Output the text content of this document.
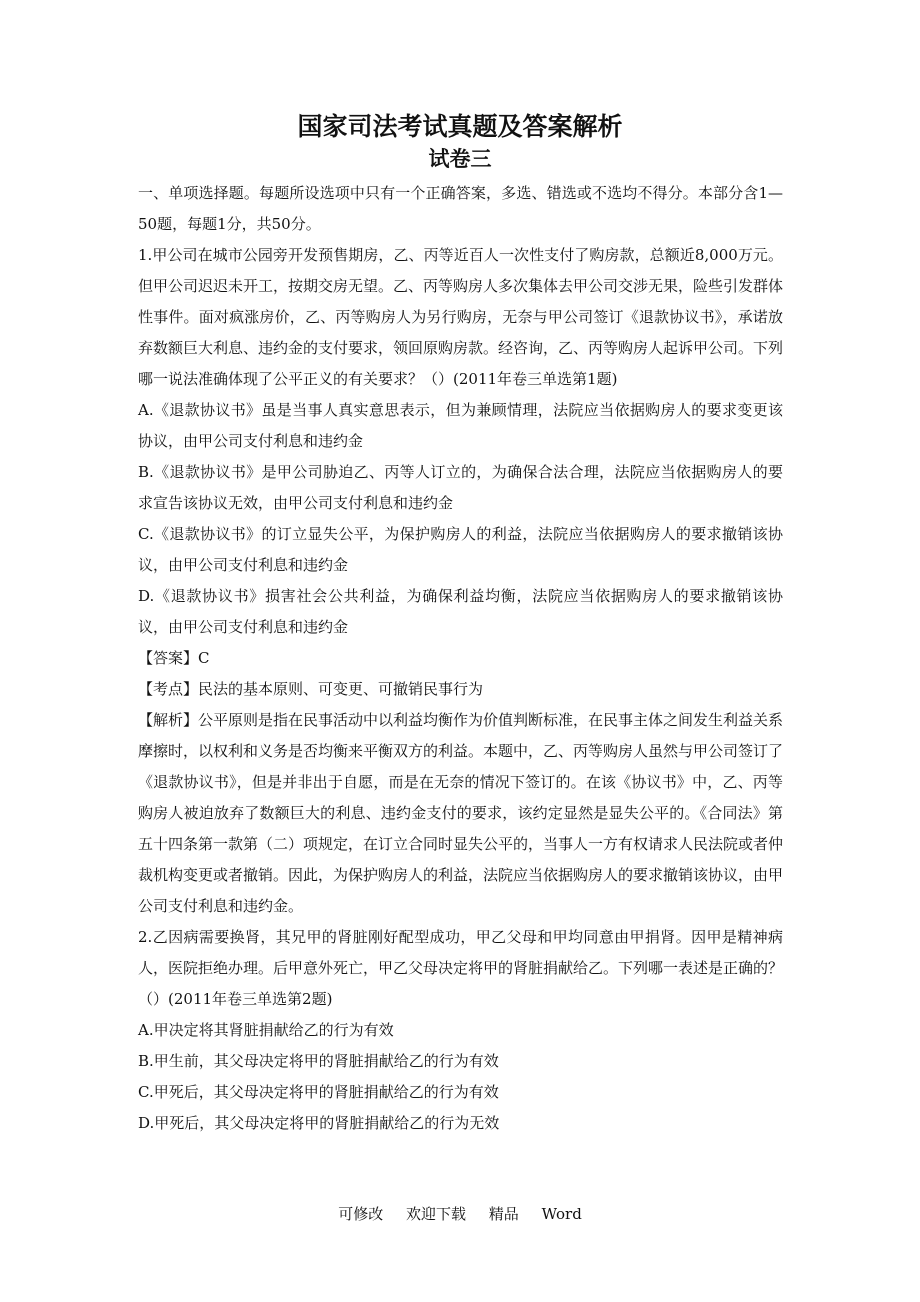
国家司法考试真题及答案解析
试卷三

一、单项选择题。每题所设选项中只有一个正确答案，多选、错选或不选均不得分。本部分含1—50题，每题1分，共50分。

1.甲公司在城市公园旁开发预售期房，乙、丙等近百人一次性支付了购房款，总额近8,000万元。但甲公司迟迟未开工，按期交房无望。乙、丙等购房人多次集体去甲公司交涉无果，险些引发群体性事件。面对疯涨房价，乙、丙等购房人为另行购房，无奈与甲公司签订《退款协议书》，承诺放弃数额巨大利息、违约金的支付要求，领回原购房款。经咨询，乙、丙等购房人起诉甲公司。下列哪一说法准确体现了公平正义的有关要求？（）(2011年卷三单选第1题)

A.《退款协议书》虽是当事人真实意思表示，但为兼顾情理，法院应当依据购房人的要求变更该协议，由甲公司支付利息和违约金

B.《退款协议书》是甲公司胁迫乙、丙等人订立的，为确保合法合理，法院应当依据购房人的要求宣告该协议无效，由甲公司支付利息和违约金

C.《退款协议书》的订立显失公平，为保护购房人的利益，法院应当依据购房人的要求撤销该协议，由甲公司支付利息和违约金

D.《退款协议书》损害社会公共利益，为确保利益均衡，法院应当依据购房人的要求撤销该协议，由甲公司支付利息和违约金

【答案】C

【考点】民法的基本原则、可变更、可撤销民事行为

【解析】公平原则是指在民事活动中以利益均衡作为价值判断标准，在民事主体之间发生利益关系摩擦时，以权利和义务是否均衡来平衡双方的利益。本题中，乙、丙等购房人虽然与甲公司签订了《退款协议书》，但是并非出于自愿，而是在无奈的情况下签订的。在该《协议书》中，乙、丙等购房人被迫放弃了数额巨大的利息、违约金支付的要求，该约定显然是显失公平的。《合同法》第五十四条第一款第（二）项规定，在订立合同时显失公平的，当事人一方有权请求人民法院或者仲裁机构变更或者撤销。因此，为保护购房人的利益，法院应当依据购房人的要求撤销该协议，由甲公司支付利息和违约金。

2.乙因病需要换肾，其兄甲的肾脏刚好配型成功，甲乙父母和甲均同意由甲捐肾。因甲是精神病人，医院拒绝办理。后甲意外死亡，甲乙父母决定将甲的肾脏捐献给乙。下列哪一表述是正确的？（）(2011年卷三单选第2题)

A.甲决定将其肾脏捐献给乙的行为有效

B.甲生前，其父母决定将甲的肾脏捐献给乙的行为有效

C.甲死后，其父母决定将甲的肾脏捐献给乙的行为有效

D.甲死后，其父母决定将甲的肾脏捐献给乙的行为无效

可修改 欢迎下载 精品 Word
